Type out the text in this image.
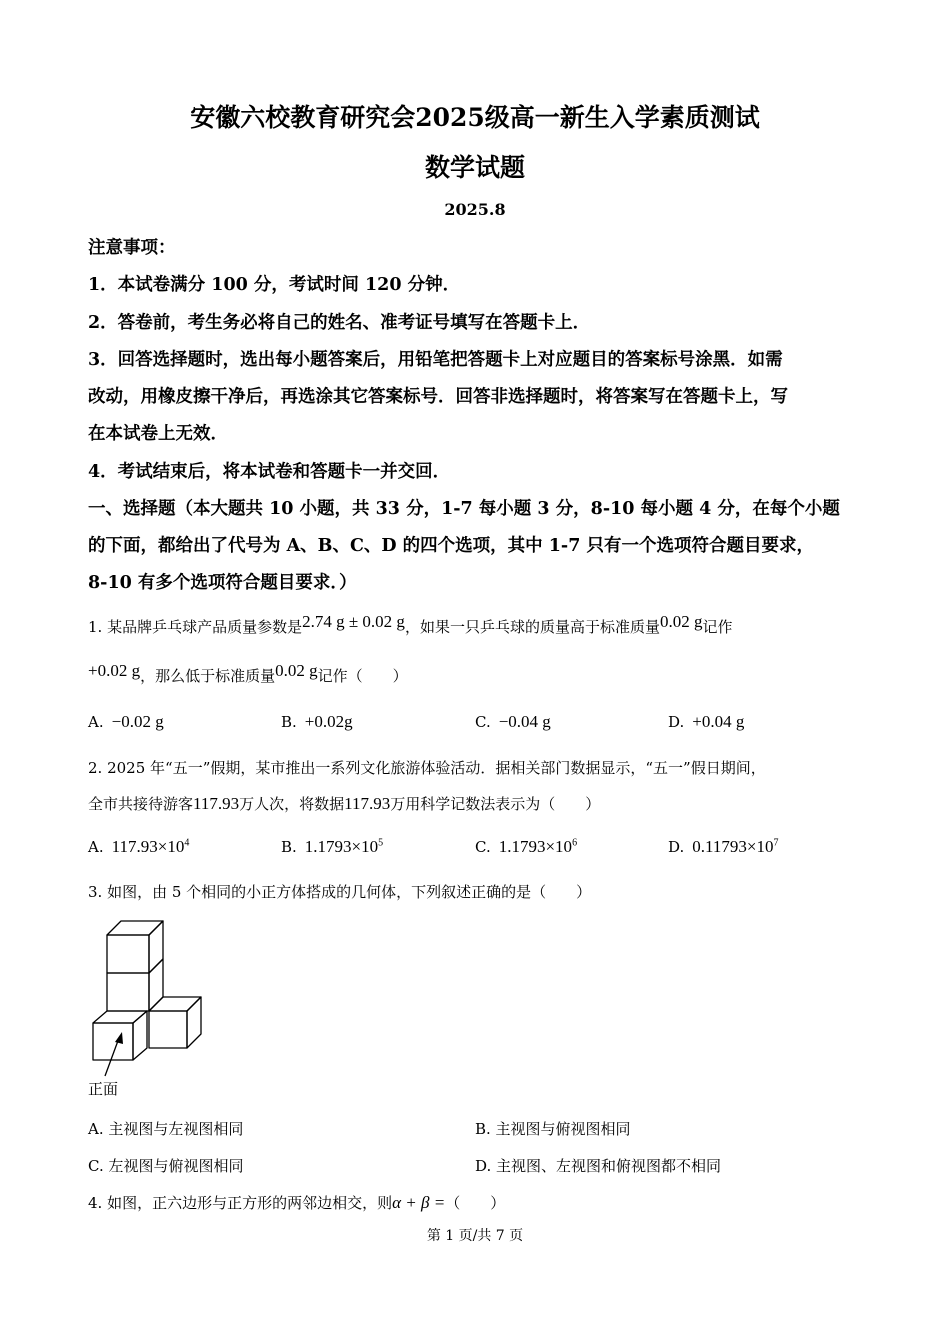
安徽六校教育研究会2025级高一新生入学素质测试
数学试题
2025.8
注意事项：
1．本试卷满分 100 分，考试时间 120 分钟．
2．答卷前，考生务必将自己的姓名、准考证号填写在答题卡上．
3．回答选择题时，选出每小题答案后，用铅笔把答题卡上对应题目的答案标号涂黑．如需
改动，用橡皮擦干净后，再选涂其它答案标号．回答非选择题时，将答案写在答题卡上，写
在本试卷上无效．
4．考试结束后，将本试卷和答题卡一并交回．
一、选择题（本大题共 10 小题，共 33 分，1-7 每小题 3 分，8-10 每小题 4 分，在每个小题
的下面，都给出了代号为 A、B、C、D 的四个选项，其中 1-7 只有一个选项符合题目要求，
8-10 有多个选项符合题目要求．）
1. 某品牌乒乓球产品质量参数是2.74 g ± 0.02 g，如果一只乒乓球的质量高于标准质量0.02 g记作
+0.02 g，那么低于标准质量0.02 g记作（　　）
A. −0.02 g	B. +0.02g	C. −0.04 g	D. +0.04 g
2. 2025 年“五一”假期，某市推出一系列文化旅游体验活动．据相关部门数据显示，“五一”假日期间，
全市共接待游客117.93万人次，将数据117.93万用科学记数法表示为（　　）
A. $117.93\times 10^4$	B. $1.1793\times 10^5$	C. $1.1793\times 10^6$	D. $0.11793\times 10^7$
3. 如图，由 5 个相同的小正方体搭成的几何体，下列叙述正确的是（　　）
正面
A. 主视图与左视图相同	B. 主视图与俯视图相同
C. 左视图与俯视图相同	D. 主视图、左视图和俯视图都不相同
4. 如图，正六边形与正方形的两邻边相交，则α + β =（　　）
第 1 页/共 7 页
